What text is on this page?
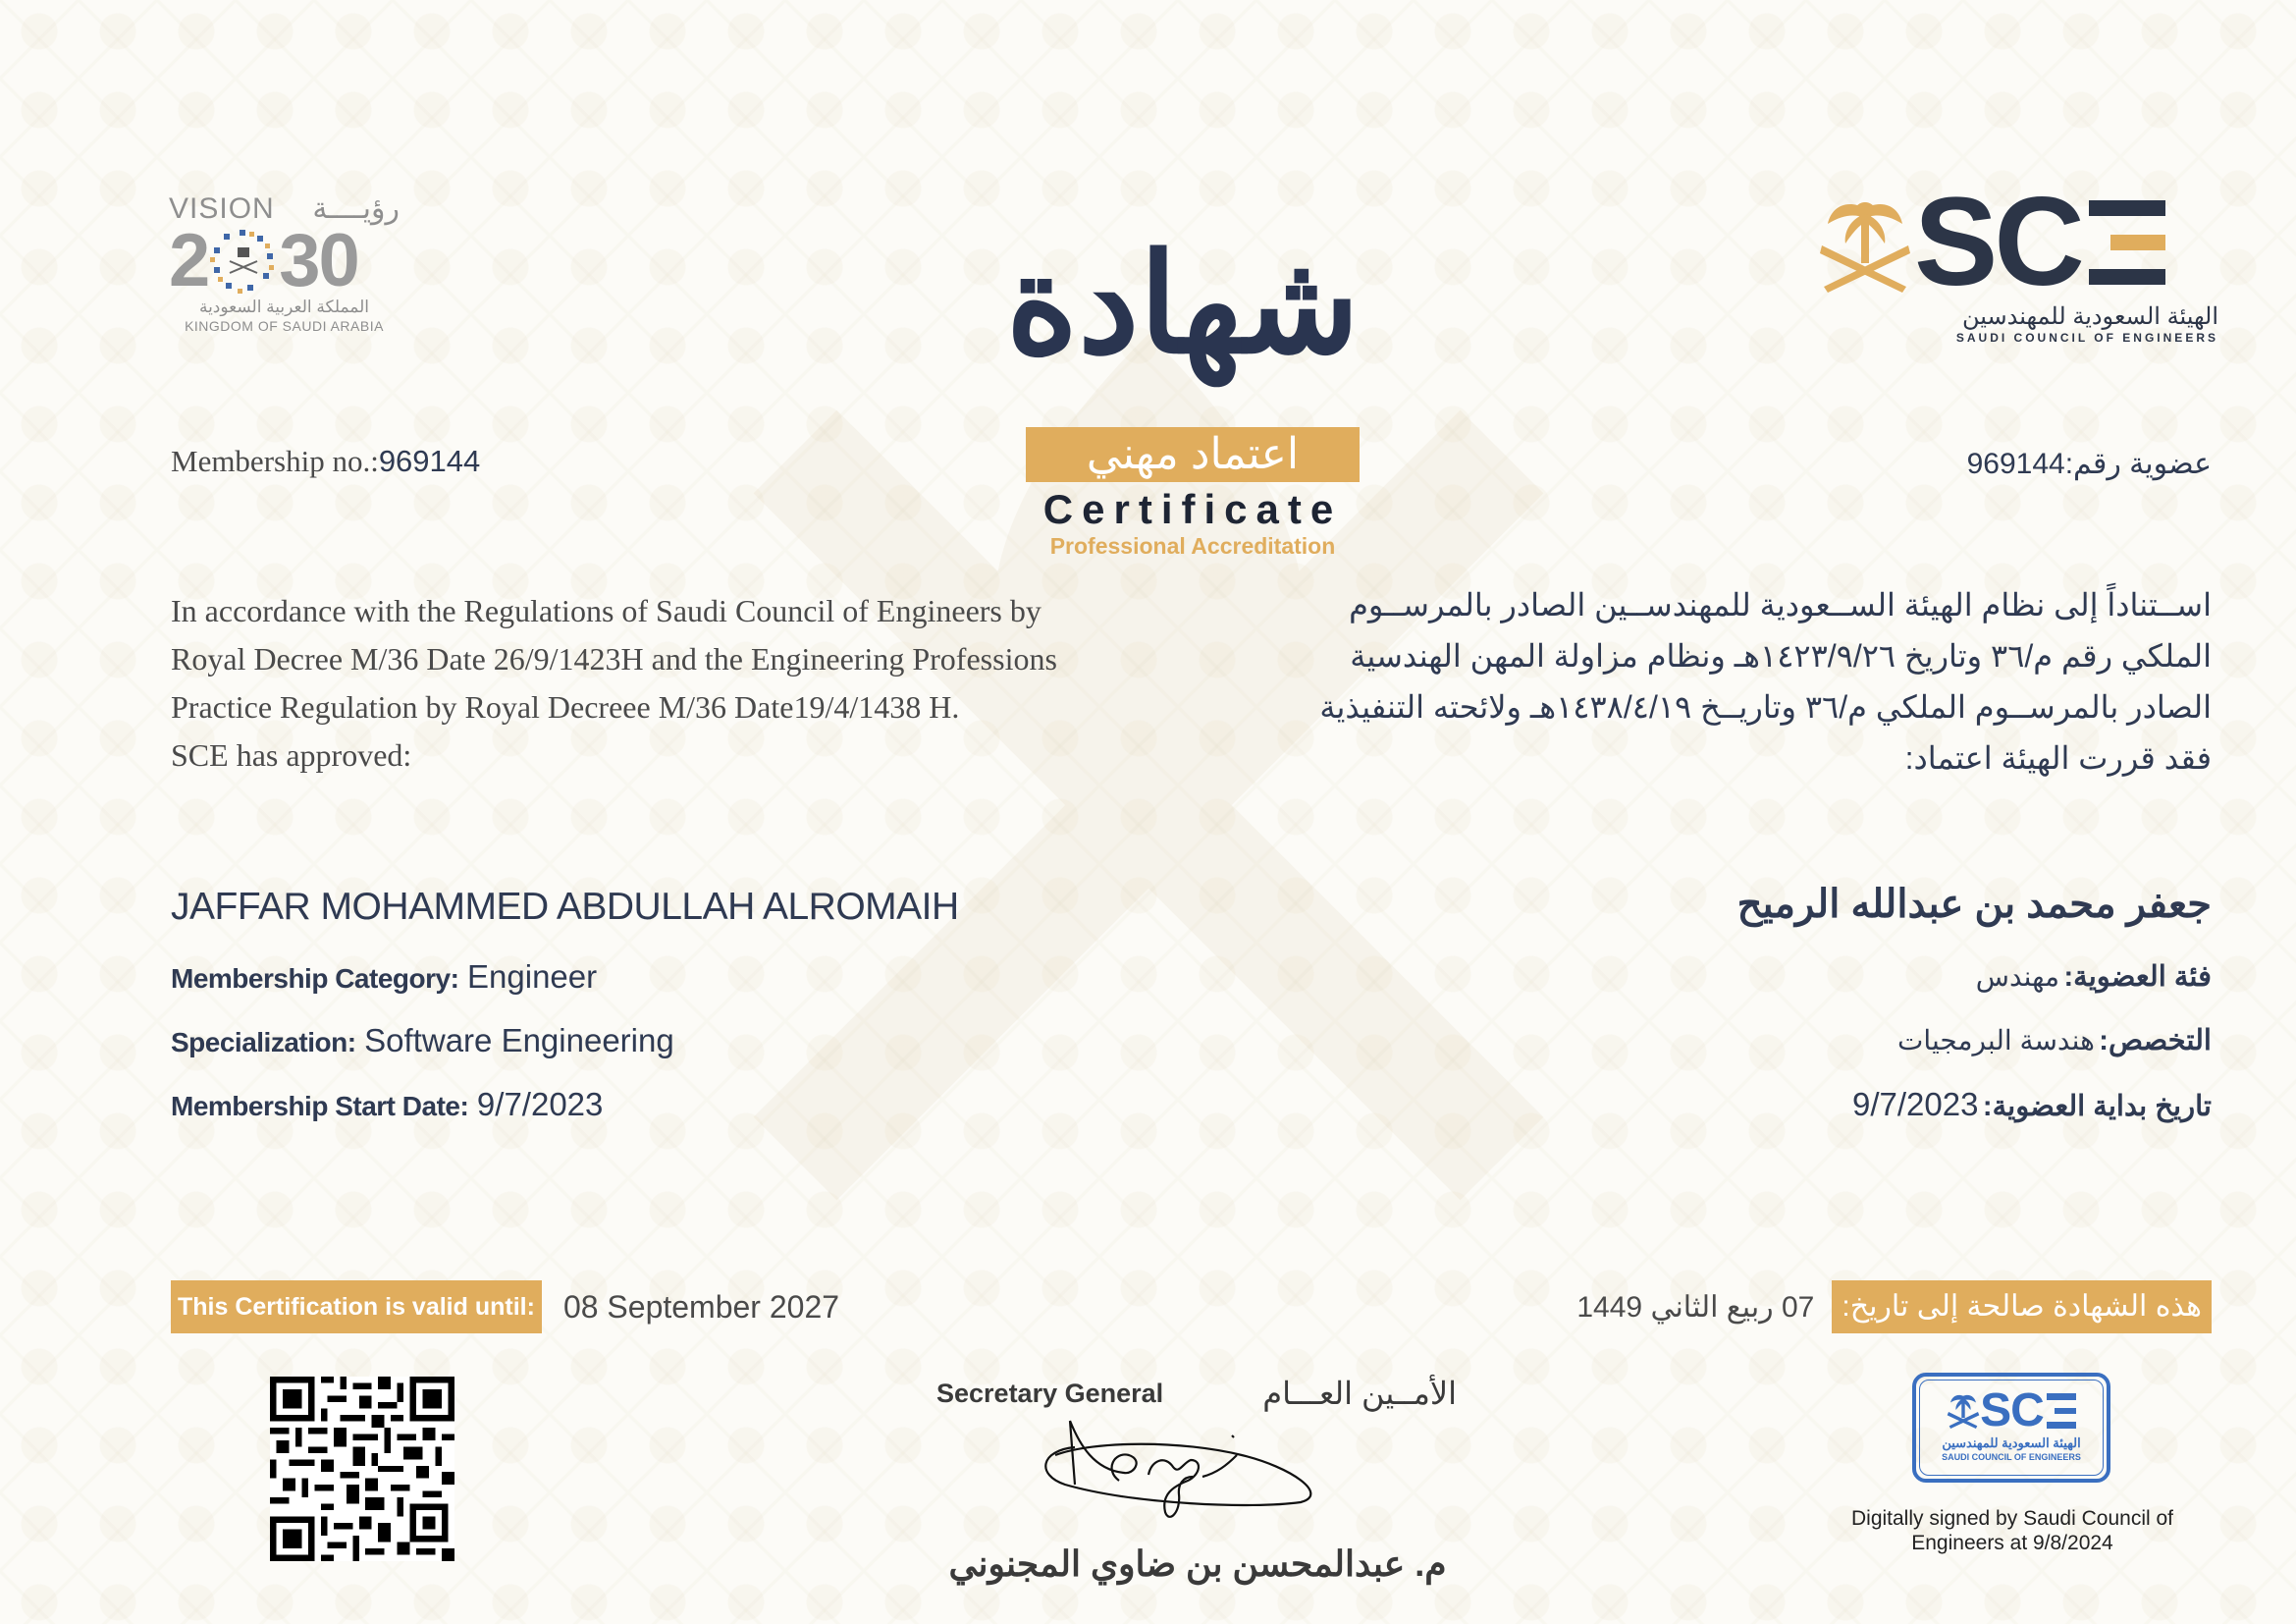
VISION رؤيــــة
2 30
المملكة العربية السعودية
KINGDOM OF SAUDI ARABIA
SC
الهيئة السعودية للمهندسين
SAUDI COUNCIL OF ENGINEERS
شهادة
اعتماد مهني
Certificate
Professional Accreditation
Membership no.:969144	عضوية رقم:969144
In accordance with the Regulations of Saudi Council of Engineers by
Royal Decree M/36 Date 26/9/1423H and the Engineering Professions
Practice Regulation by Royal Decreee M/36 Date19/4/1438 H.
SCE has approved:
اســتناداً إلى نظام الهيئة الســعودية للمهندســين الصادر بالمرســوم
الملكي رقم م/٣٦ وتاريخ ١٤٢٣/٩/٢٦هـ ونظام مزاولة المهن الهندسية
الصادر بالمرســوم الملكي م/٣٦ وتاريــخ ١٤٣٨/٤/١٩هـ ولائحته التنفيذية
فقد قررت الهيئة اعتماد:
JAFFAR MOHAMMED ABDULLAH ALROMAIH
Membership Category: Engineer
Specialization: Software Engineering
Membership Start Date: 9/7/2023
جعفر محمد بن عبدالله الرميح
فئة العضوية: مهندس
التخصص: هندسة البرمجيات
تاريخ بداية العضوية: 9/7/2023
This Certification is valid until: 08 September 2027	هذه الشهادة صالحة إلى تاريخ:
07 ربيع الثاني 1449
Secretary General	الأمــين العـــام
م. عبدالمحسن بن ضاوي المجنوني
SC
الهيئة السعودية للمهندسين
SAUDI COUNCIL OF ENGINEERS
Digitally signed by Saudi Council of
Engineers at 9/8/2024
